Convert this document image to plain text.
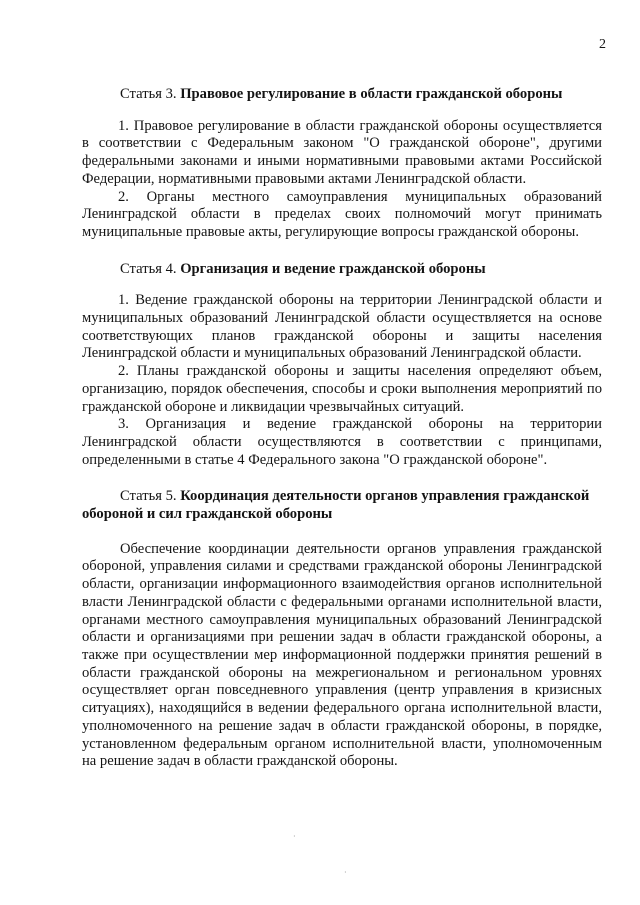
2

Статья 3. Правовое регулирование в области гражданской обороны

1. Правовое регулирование в области гражданской обороны осуществляется в соответствии с Федеральным законом "О гражданской обороне", другими федеральными законами и иными нормативными правовыми актами Российской Федерации, нормативными правовыми актами Ленинградской области.

2. Органы местного самоуправления муниципальных образований Ленинградской области в пределах своих полномочий могут принимать муниципальные правовые акты, регулирующие вопросы гражданской обороны.

Статья 4. Организация и ведение гражданской обороны

1. Ведение гражданской обороны на территории Ленинградской области и муниципальных образований Ленинградской области осуществляется на основе соответствующих планов гражданской обороны и защиты населения Ленинградской области и муниципальных образований Ленинградской области.

2. Планы гражданской обороны и защиты населения определяют объем, организацию, порядок обеспечения, способы и сроки выполнения мероприятий по гражданской обороне и ликвидации чрезвычайных ситуаций.

3. Организация и ведение гражданской обороны на территории Ленинградской области осуществляются в соответствии с принципами, определенными в статье 4 Федерального закона "О гражданской обороне".

Статья 5. Координация деятельности органов управления гражданской обороной и сил гражданской обороны

Обеспечение координации деятельности органов управления гражданской обороной, управления силами и средствами гражданской обороны Ленинградской области, организации информационного взаимодействия органов исполнительной власти Ленинградской области с федеральными органами исполнительной власти, органами местного самоуправления муниципальных образований Ленинградской области и организациями при решении задач в области гражданской обороны, а также при осуществлении мер информационной поддержки принятия решений в области гражданской обороны на межрегиональном и региональном уровнях осуществляет орган повседневного управления (центр управления в кризисных ситуациях), находящийся в ведении федерального органа исполнительной власти, уполномоченного на решение задач в области гражданской обороны, в порядке, установленном федеральным органом исполнительной власти, уполномоченным на решение задач в области гражданской обороны.

·
·
